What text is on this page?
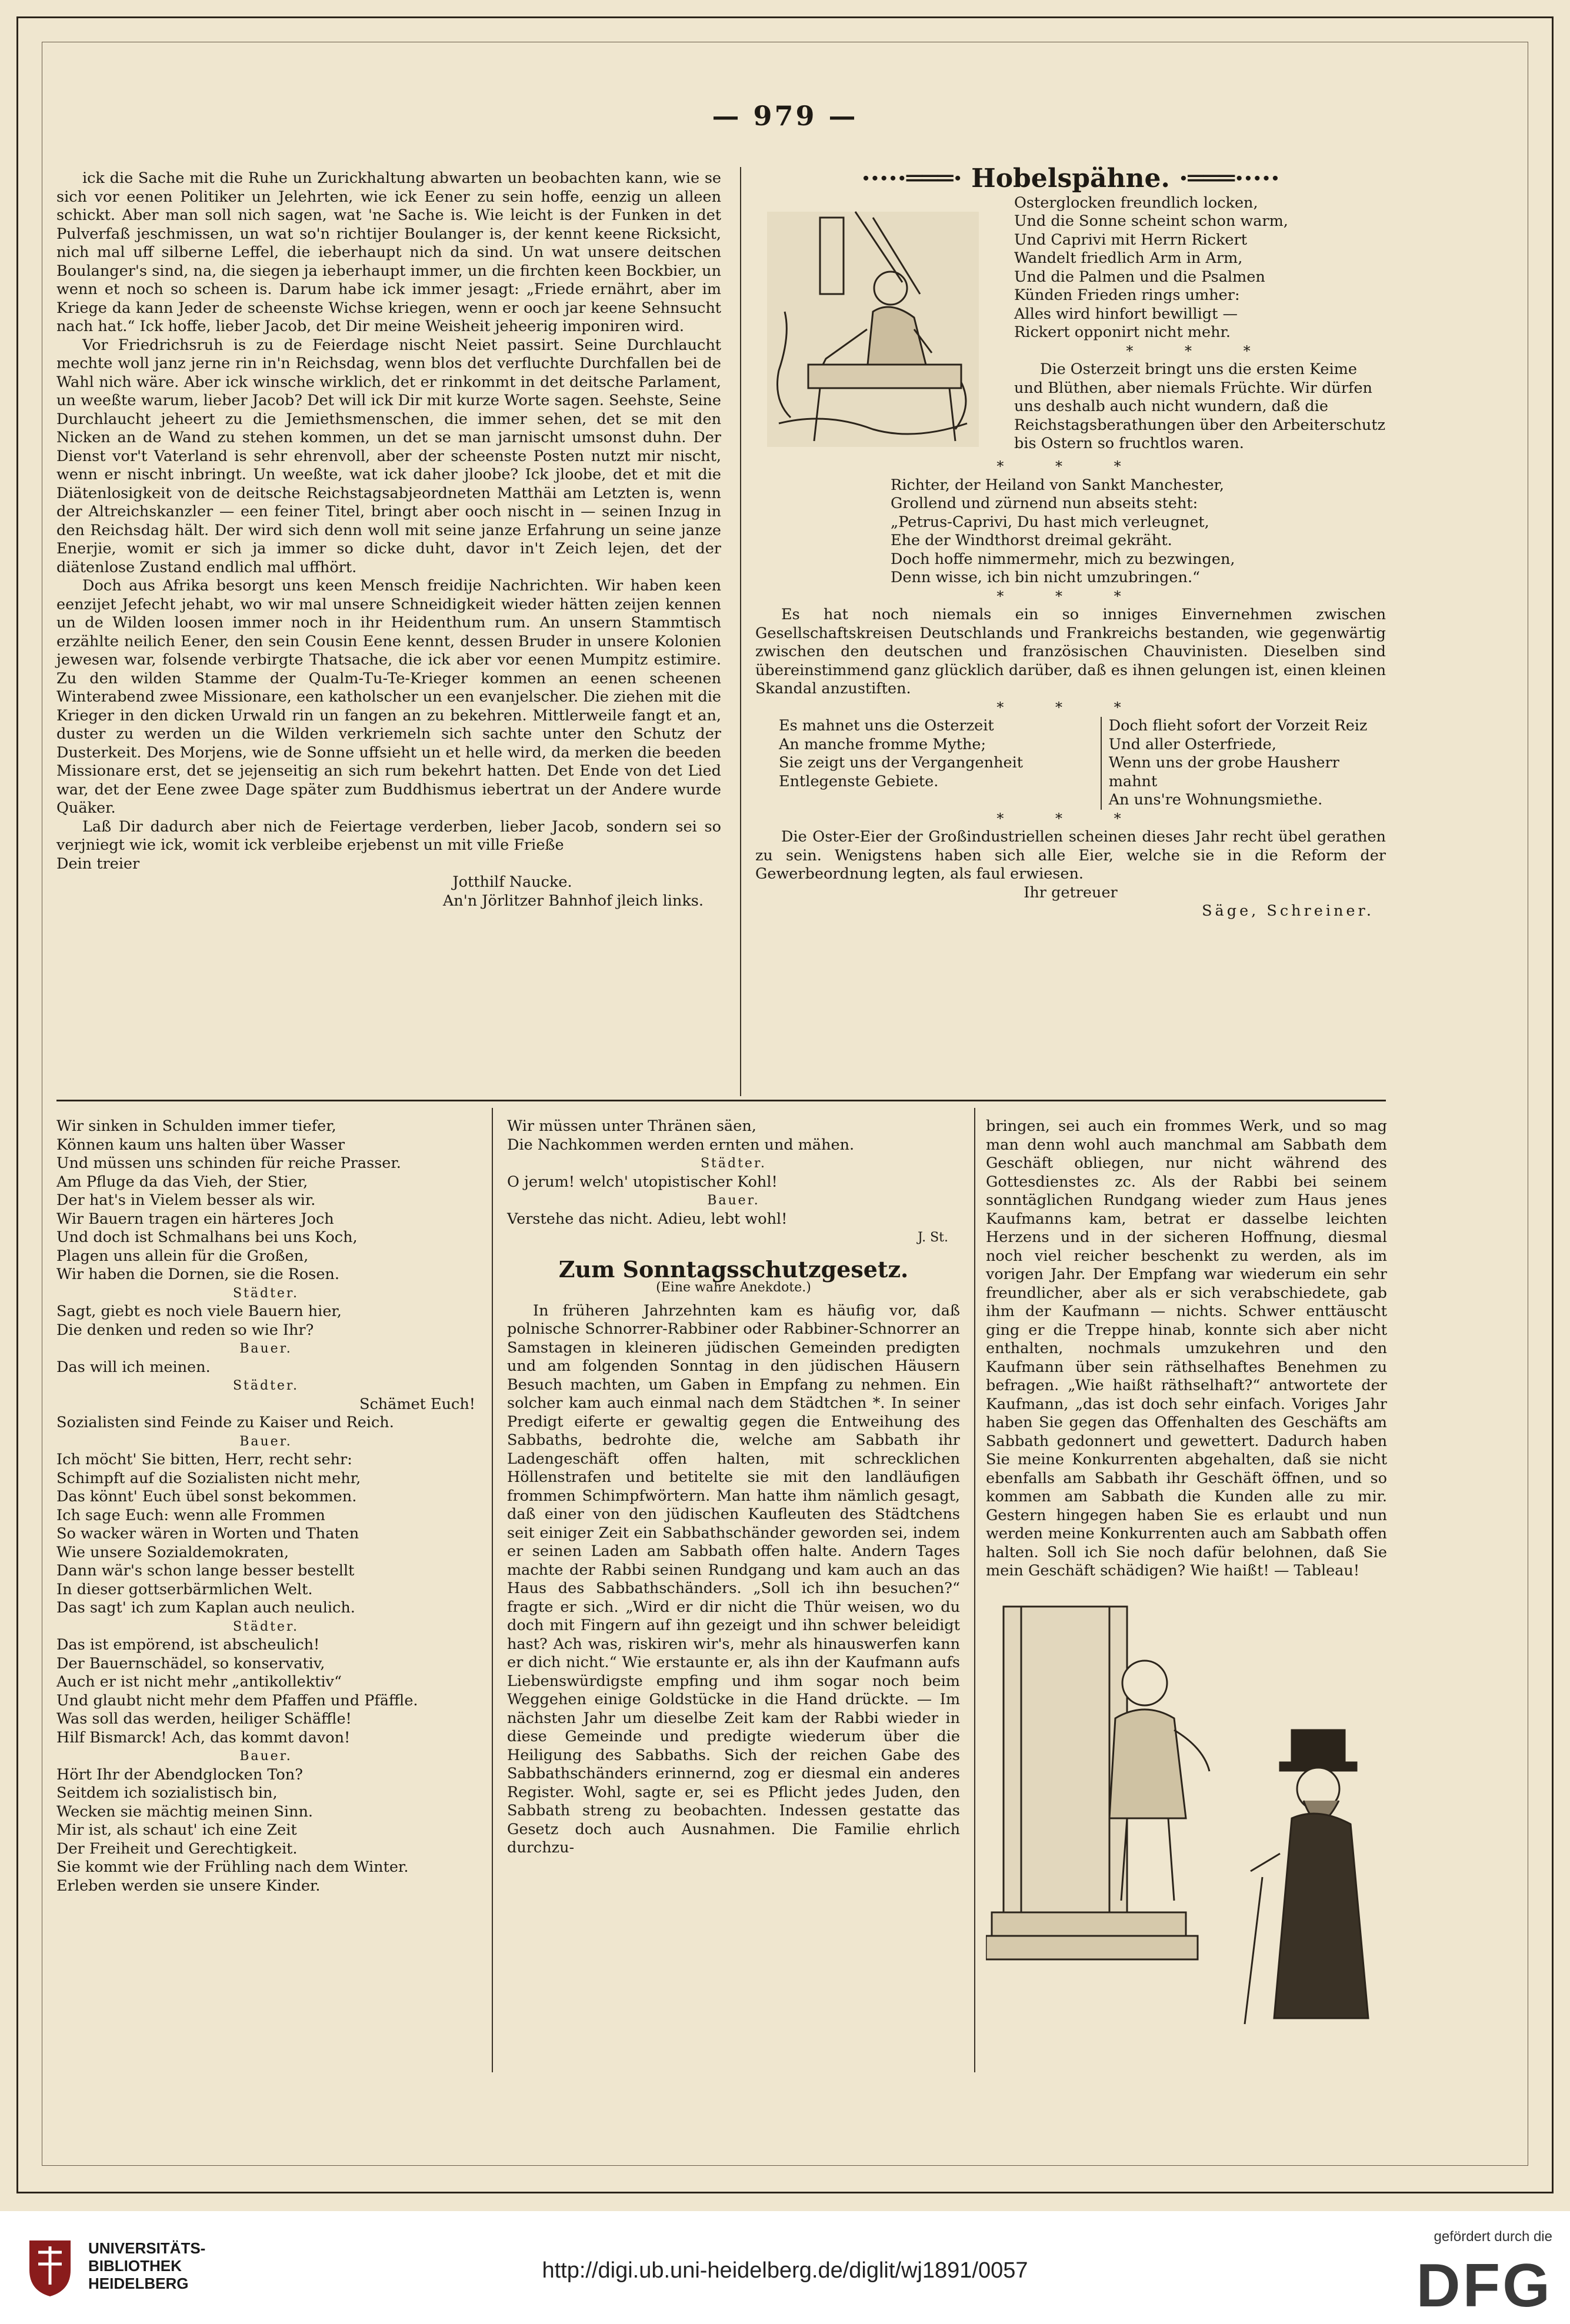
— 979 —

ick die Sache mit die Ruhe un Zurickhaltung abwarten un beobachten kann, wie se sich vor eenen Politiker un Jelehrten, wie ick Eener zu sein hoffe, eenzig un alleen schickt. Aber man soll nich sagen, wat 'ne Sache is. Wie leicht is der Funken in det Pulverfaß jeschmissen, un wat so'n richtijer Boulanger is, der kennt keene Ricksicht, nich mal uff silberne Leffel, die ieberhaupt nich da sind. Un wat unsere deitschen Boulanger's sind, na, die siegen ja ieberhaupt immer, un die firchten keen Bockbier, un wenn et noch so scheen is. Darum habe ick immer jesagt: „Friede ernährt, aber im Kriege da kann Jeder de scheenste Wichse kriegen, wenn er ooch jar keene Sehnsucht nach hat.“ Ick hoffe, lieber Jacob, det Dir meine Weisheit jeheerig imponiren wird.

Vor Friedrichsruh is zu de Feierdage nischt Neiet passirt. Seine Durchlaucht mechte woll janz jerne rin in'n Reichsdag, wenn blos det verfluchte Durchfallen bei de Wahl nich wäre. Aber ick winsche wirklich, det er rinkommt in det deitsche Parlament, un weeßte warum, lieber Jacob? Det will ick Dir mit kurze Worte sagen. Seehste, Seine Durchlaucht jeheert zu die Jemiethsmenschen, die immer sehen, det se mit den Nicken an de Wand zu stehen kommen, un det se man jarnischt umsonst duhn. Der Dienst vor't Vaterland is sehr ehrenvoll, aber der scheenste Posten nutzt mir nischt, wenn er nischt inbringt. Un weeßte, wat ick daher jloobe? Ick jloobe, det et mit die Diätenlosigkeit von de deitsche Reichstagsabjeordneten Matthäi am Letzten is, wenn der Altreichskanzler — een feiner Titel, bringt aber ooch nischt in — seinen Inzug in den Reichsdag hält. Der wird sich denn woll mit seine janze Erfahrung un seine janze Enerjie, womit er sich ja immer so dicke duht, davor in't Zeich lejen, det der diätenlose Zustand endlich mal uffhört.

Doch aus Afrika besorgt uns keen Mensch freidije Nachrichten. Wir haben keen eenzijet Jefecht jehabt, wo wir mal unsere Schneidigkeit wieder hätten zeijen kennen un de Wilden loosen immer noch in ihr Heidenthum rum. An unsern Stammtisch erzählte neilich Eener, den sein Cousin Eene kennt, dessen Bruder in unsere Kolonien jewesen war, folsende verbirgte Thatsache, die ick aber vor eenen Mumpitz estimire. Zu den wilden Stamme der Qualm-Tu-Te-Krieger kommen an eenen scheenen Winterabend zwee Missionare, een katholscher un een evanjelscher. Die ziehen mit die Krieger in den dicken Urwald rin un fangen an zu bekehren. Mittlerweile fangt et an, duster zu werden un die Wilden verkriemeln sich sachte unter den Schutz der Dusterkeit. Des Morjens, wie de Sonne uffsieht un et helle wird, da merken die beeden Missionare erst, det se jejenseitig an sich rum bekehrt hatten. Det Ende von det Lied war, det der Eene zwee Dage später zum Buddhismus iebertrat un der Andere wurde Quäker.

Laß Dir dadurch aber nich de Feiertage verderben, lieber Jacob, sondern sei so verjniegt wie ick, womit ick verbleibe erjebenst un mit ville Frieße

Dein treier

Jotthilf Naucke.

An'n Jörlitzer Bahnhof jleich links.

·····═══· Hobelspähne. ·═══·····

Osterglocken freundlich locken,

Und die Sonne scheint schon warm,

Und Caprivi mit Herrn Rickert

Wandelt friedlich Arm in Arm,

Und die Palmen und die Psalmen

Künden Frieden rings umher:

Alles wird hinfort bewilligt —

Rickert opponirt nicht mehr.

* * *

Die Osterzeit bringt uns die ersten Keime und Blüthen, aber niemals Früchte. Wir dürfen uns deshalb auch nicht wundern, daß die Reichstagsberathungen über den Arbeiterschutz bis Ostern so fruchtlos waren.

* * *

Richter, der Heiland von Sankt Manchester,

Grollend und zürnend nun abseits steht:

„Petrus-Caprivi, Du hast mich verleugnet,

Ehe der Windthorst dreimal gekräht.

Doch hoffe nimmermehr, mich zu bezwingen,

Denn wisse, ich bin nicht umzubringen.“

* * *

Es hat noch niemals ein so inniges Einvernehmen zwischen Gesellschaftskreisen Deutschlands und Frankreichs bestanden, wie gegenwärtig zwischen den deutschen und französischen Chauvinisten. Dieselben sind übereinstimmend ganz glücklich darüber, daß es ihnen gelungen ist, einen kleinen Skandal anzustiften.

* * *

Es mahnet uns die Osterzeit

An manche fromme Mythe;

Sie zeigt uns der Vergangenheit

Entlegenste Gebiete.

Doch flieht sofort der Vorzeit Reiz

Und aller Osterfriede,

Wenn uns der grobe Hausherr mahnt

An uns're Wohnungsmiethe.

* * *

Die Oster-Eier der Großindustriellen scheinen dieses Jahr recht übel gerathen zu sein. Wenigstens haben sich alle Eier, welche sie in die Reform der Gewerbeordnung legten, als faul erwiesen.

Ihr getreuer

Säge, Schreiner.

Wir sinken in Schulden immer tiefer,

Können kaum uns halten über Wasser

Und müssen uns schinden für reiche Prasser.

Am Pfluge da das Vieh, der Stier,

Der hat's in Vielem besser als wir.

Wir Bauern tragen ein härteres Joch

Und doch ist Schmalhans bei uns Koch,

Plagen uns allein für die Großen,

Wir haben die Dornen, sie die Rosen.

Städter.

Sagt, giebt es noch viele Bauern hier,

Die denken und reden so wie Ihr?

Bauer.

Das will ich meinen.

Städter.

Schämet Euch!

Sozialisten sind Feinde zu Kaiser und Reich.

Bauer.

Ich möcht' Sie bitten, Herr, recht sehr:

Schimpft auf die Sozialisten nicht mehr,

Das könnt' Euch übel sonst bekommen.

Ich sage Euch: wenn alle Frommen

So wacker wären in Worten und Thaten

Wie unsere Sozialdemokraten,

Dann wär's schon lange besser bestellt

In dieser gottserbärmlichen Welt.

Das sagt' ich zum Kaplan auch neulich.

Städter.

Das ist empörend, ist abscheulich!

Der Bauernschädel, so konservativ,

Auch er ist nicht mehr „antikollektiv“

Und glaubt nicht mehr dem Pfaffen und Pfäffle.

Was soll das werden, heiliger Schäffle!

Hilf Bismarck! Ach, das kommt davon!

Bauer.

Hört Ihr der Abendglocken Ton?

Seitdem ich sozialistisch bin,

Wecken sie mächtig meinen Sinn.

Mir ist, als schaut' ich eine Zeit

Der Freiheit und Gerechtigkeit.

Sie kommt wie der Frühling nach dem Winter.

Erleben werden sie unsere Kinder.

Wir müssen unter Thränen säen,

Die Nachkommen werden ernten und mähen.

Städter.

O jerum! welch' utopistischer Kohl!

Bauer.

Verstehe das nicht. Adieu, lebt wohl!

J. St.

Zum Sonntagsschutzgesetz.

(Eine wahre Anekdote.)

In früheren Jahrzehnten kam es häufig vor, daß polnische Schnorrer-Rabbiner oder Rabbiner-Schnorrer an Samstagen in kleineren jüdischen Gemeinden predigten und am folgenden Sonntag in den jüdischen Häusern Besuch machten, um Gaben in Empfang zu nehmen. Ein solcher kam auch einmal nach dem Städtchen *. In seiner Predigt eiferte er gewaltig gegen die Entweihung des Sabbaths, bedrohte die, welche am Sabbath ihr Ladengeschäft offen halten, mit schrecklichen Höllenstrafen und betitelte sie mit den landläufigen frommen Schimpfwörtern. Man hatte ihm nämlich gesagt, daß einer von den jüdischen Kaufleuten des Städtchens seit einiger Zeit ein Sabbathschänder geworden sei, indem er seinen Laden am Sabbath offen halte. Andern Tages machte der Rabbi seinen Rundgang und kam auch an das Haus des Sabbathschänders. „Soll ich ihn besuchen?“ fragte er sich. „Wird er dir nicht die Thür weisen, wo du doch mit Fingern auf ihn gezeigt und ihn schwer beleidigt hast? Ach was, riskiren wir's, mehr als hinauswerfen kann er dich nicht.“ Wie erstaunte er, als ihn der Kaufmann aufs Liebenswürdigste empfing und ihm sogar noch beim Weggehen einige Goldstücke in die Hand drückte. — Im nächsten Jahr um dieselbe Zeit kam der Rabbi wieder in diese Gemeinde und predigte wiederum über die Heiligung des Sabbaths. Sich der reichen Gabe des Sabbathschänders erinnernd, zog er diesmal ein anderes Register. Wohl, sagte er, sei es Pflicht jedes Juden, den Sabbath streng zu beobachten. Indessen gestatte das Gesetz doch auch Ausnahmen. Die Familie ehrlich durchzu-

bringen, sei auch ein frommes Werk, und so mag man denn wohl auch manchmal am Sabbath dem Geschäft obliegen, nur nicht während des Gottesdienstes zc. Als der Rabbi bei seinem sonntäglichen Rundgang wieder zum Haus jenes Kaufmanns kam, betrat er dasselbe leichten Herzens und in der sicheren Hoffnung, diesmal noch viel reicher beschenkt zu werden, als im vorigen Jahr. Der Empfang war wiederum ein sehr freundlicher, aber als er sich verabschiedete, gab ihm der Kaufmann — nichts. Schwer enttäuscht ging er die Treppe hinab, konnte sich aber nicht enthalten, nochmals umzukehren und den Kaufmann über sein räthselhaftes Benehmen zu befragen. „Wie haißt räthselhaft?“ antwortete der Kaufmann, „das ist doch sehr einfach. Voriges Jahr haben Sie gegen das Offenhalten des Geschäfts am Sabbath gedonnert und gewettert. Dadurch haben Sie meine Konkurrenten abgehalten, daß sie nicht ebenfalls am Sabbath ihr Geschäft öffnen, und so kommen am Sabbath die Kunden alle zu mir. Gestern hingegen haben Sie es erlaubt und nun werden meine Konkurrenten auch am Sabbath offen halten. Soll ich Sie noch dafür belohnen, daß Sie mein Geschäft schädigen? Wie haißt! — Tableau!

UNIVERSITÄTS-
BIBLIOTHEK
HEIDELBERG
http://digi.ub.uni-heidelberg.de/diglit/wj1891/0057
gefördert durch die
DFG
